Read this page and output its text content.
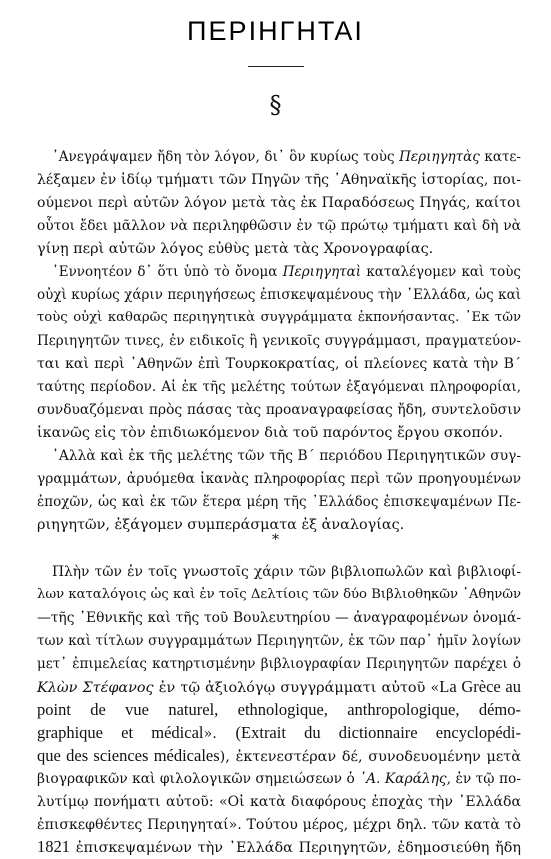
ΠΕΡΙΗΓΗΤΑΙ
§
᾿Ανεγράψαμεν ἤδη τὸν λόγον, δι᾿ ὃν κυρίως τοὺς Περιηγητὰς κατε-
λέξαμεν ἐν ἰδίῳ τμήματι τῶν Πηγῶν τῆς ᾿Αθηναϊκῆς ἱστορίας, ποι-
ούμενοι περὶ αὐτῶν λόγον μετὰ τὰς ἐκ Παραδόσεως Πηγάς, καίτοι
οὗτοι ἔδει μᾶλλον νὰ περιληφθῶσιν ἐν τῷ πρώτῳ τμήματι καὶ δὴ νὰ
γίνῃ περὶ αὐτῶν λόγος εὐθὺς μετὰ τὰς Χρονογραφίας.
᾿Εννοητέον δ᾿ ὅτι ὑπὸ τὸ ὄνομα Περιηγηταὶ καταλέγομεν καὶ τοὺς
οὐχὶ κυρίως χάριν περιηγήσεως ἐπισκεψαμένους τὴν ᾿Ελλάδα, ὡς καὶ
τοὺς οὐχὶ καθαρῶς περιηγητικὰ συγγράμματα ἐκπονήσαντας. ᾿Εκ τῶν
Περιηγητῶν τινες, ἐν ειδικοῖς ἢ γενικοῖς συγγράμμασι, πραγματεύον-
ται καὶ περὶ ᾿Αθηνῶν ἐπὶ Τουρκοκρατίας, οἱ πλείονες κατὰ τὴν Β´
ταύτης περίοδον. Αἱ ἐκ τῆς μελέτης τούτων ἐξαγόμεναι πληροφορίαι,
συνδυαζόμεναι πρὸς πάσας τὰς προαναγραφείσας ἤδη, συντελοῦσιν
ἱκανῶς εἰς τὸν ἐπιδιωκόμενον διὰ τοῦ παρόντος ἔργου σκοπόν.
᾿Αλλὰ καὶ ἐκ τῆς μελέτης τῶν τῆς Β´ περιόδου Περιηγητικῶν συγ-
γραμμάτων, ἀρυόμεθα ἱκανὰς πληροφορίας περὶ τῶν προηγουμένων
ἐποχῶν, ὡς καὶ ἐκ τῶν ἕτερα μέρη τῆς ᾿Ελλάδος ἐπισκεψαμένων Πε-
ριηγητῶν, ἐξάγομεν συμπεράσματα ἐξ ἀναλογίας.
*
Πλὴν τῶν ἐν τοῖς γνωστοῖς χάριν τῶν βιβλιοπωλῶν καὶ βιβλιοφί-
λων καταλόγοις ὡς καὶ ἐν τοῖς Δελτίοις τῶν δύο Βιβλιοθηκῶν ᾿Αθηνῶν
—τῆς ᾿Εθνικῆς καὶ τῆς τοῦ Βουλευτηρίου — ἀναγραφομένων ὀνομά-
των καὶ τίτλων συγγραμμάτων Περιηγητῶν, ἐκ τῶν παρ᾿ ἡμῖν λογίων
μετ᾿ ἐπιμελείας κατηρτισμένην βιβλιογραφίαν Περιηγητῶν παρέχει ὁ
Κλὼν Στέφανος ἐν τῷ ἀξιολόγῳ συγγράμματι αὐτοῦ «La Grèce au
point de vue naturel, ethnologique, anthropologique, démo-
graphique et médical». (Extrait du dictionnaire encyclopédi-
que des sciences médicales), ἐκτενεστέραν δέ, συνοδευομένην μετὰ
βιογραφικῶν καὶ φιλολογικῶν σημειώσεων ὁ ᾿Α. Καράλης, ἐν τῷ πο-
λυτίμῳ πονήματι αὐτοῦ: «Οἱ κατὰ διαφόρους ἐποχὰς τὴν ᾿Ελλάδα
ἐπισκεφθέντες Περιηγηταί». Τούτου μέρος, μέχρι δηλ. τῶν κατὰ τὸ
1821 ἐπισκεψαμένων τὴν ᾿Ελλάδα Περιηγητῶν, ἐδημοσιεύθη ἤδη
